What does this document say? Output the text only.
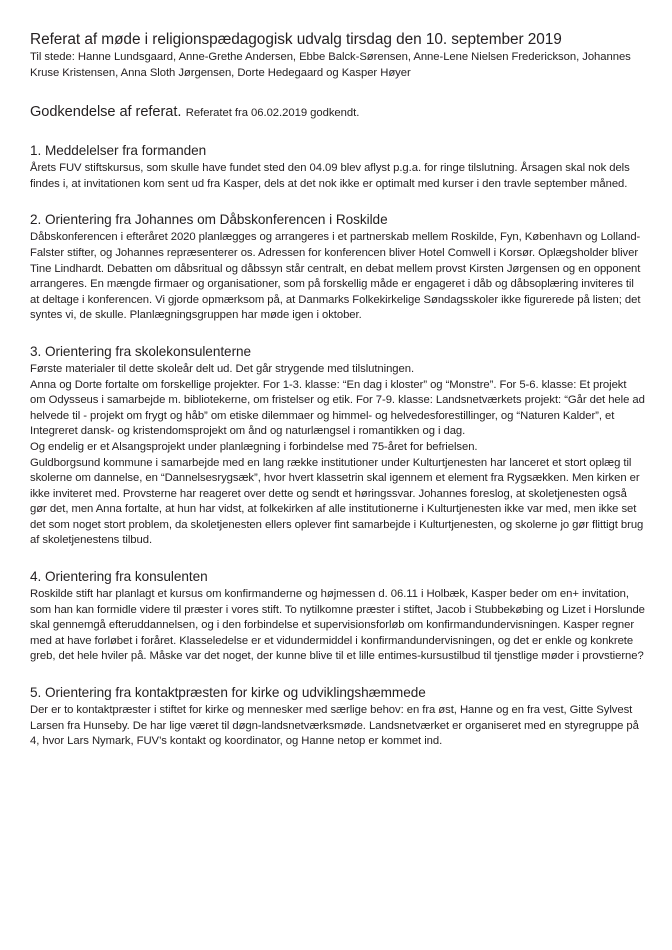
Referat af møde i religionspædagogisk udvalg tirsdag den 10. september 2019

Til stede: Hanne Lundsgaard, Anne-Grethe Andersen, Ebbe Balck-Sørensen, Anne-Lene Nielsen Frederickson, Johannes Kruse Kristensen, Anna Sloth Jørgensen, Dorte Hedegaard og Kasper Høyer

Godkendelse af referat. Referatet fra 06.02.2019 godkendt.
1. Meddelelser fra formanden

Årets FUV stiftskursus, som skulle have fundet sted den 04.09 blev aflyst p.g.a. for ringe tilslutning. Årsagen skal nok dels findes i, at invitationen kom sent ud fra Kasper, dels at det nok ikke er optimalt med kurser i den travle september måned.

2. Orientering fra Johannes om Dåbskonferencen i Roskilde

Dåbskonferencen i efteråret 2020 planlægges og arrangeres i et partnerskab mellem Roskilde, Fyn, København og Lolland-Falster stifter, og Johannes repræsenterer os. Adressen for konferencen bliver Hotel Comwell i Korsør. Oplægsholder bliver Tine Lindhardt. Debatten om dåbsritual og dåbssyn står centralt, en debat mellem provst Kirsten Jørgensen og en opponent arrangeres. En mængde firmaer og organisationer, som på forskellig måde er engageret i dåb og dåbsoplæring inviteres til at deltage i konferencen. Vi gjorde opmærksom på, at Danmarks Folkekirkelige Søndagsskoler ikke figurerede på listen; det syntes vi, de skulle. Planlægningsgruppen har møde igen i oktober.

3. Orientering fra skolekonsulenterne

Første materialer til dette skoleår delt ud. Det går strygende med tilslutningen.

Anna og Dorte fortalte om forskellige projekter. For 1-3. klasse: “En dag i kloster” og “Monstre”. For 5-6. klasse: Et projekt om Odysseus i samarbejde m. bibliotekerne, om fristelser og etik. For 7-9. klasse: Landsnetværkets projekt: “Går det hele ad helvede til - projekt om frygt og håb” om etiske dilemmaer og himmel- og helvedesforestillinger, og “Naturen Kalder”, et Integreret dansk- og kristendomsprojekt om ånd og naturlængsel i romantikken og i dag.

Og endelig er et Alsangsprojekt under planlægning i forbindelse med 75-året for befrielsen.

Guldborgsund kommune i samarbejde med en lang række institutioner under Kulturtjenesten har lanceret et stort oplæg til skolerne om dannelse, en “Dannelsesrygsæk”, hvor hvert klassetrin skal igennem et element fra Rygsækken. Men kirken er ikke inviteret med. Provsterne har reageret over dette og sendt et høringssvar. Johannes foreslog, at skoletjenesten også gør det, men Anna fortalte, at hun har vidst, at folkekirken af alle institutionerne i Kulturtjenesten ikke var med, men ikke set det som noget stort problem, da skoletjenesten ellers oplever fint samarbejde i Kulturtjenesten, og skolerne jo gør flittigt brug af skoletjenestens tilbud.

4. Orientering fra konsulenten

Roskilde stift har planlagt et kursus om konfirmanderne og højmessen d. 06.11 i Holbæk, Kasper beder om en+ invitation, som han kan formidle videre til præster i vores stift. To nytilkomne præster i stiftet, Jacob i Stubbekøbing og Lizet i Horslunde skal gennemgå efteruddannelsen, og i den forbindelse et supervisionsforløb om konfirmandundervisningen. Kasper regner med at have forløbet i foråret. Klasseledelse er et vidundermiddel i konfirmandundervisningen, og det er enkle og konkrete greb, det hele hviler på. Måske var det noget, der kunne blive til et lille entimes-kursustilbud til tjenstlige møder i provstierne?

5. Orientering fra kontaktpræsten for kirke og udviklingshæmmede

Der er to kontaktpræster i stiftet for kirke og mennesker med særlige behov: en fra øst, Hanne og en fra vest, Gitte Sylvest Larsen fra Hunseby. De har lige været til døgn-landsnetværksmøde. Landsnetværket er organiseret med en styregruppe på 4, hvor Lars Nymark, FUV’s kontakt og koordinator, og Hanne netop er kommet ind.
